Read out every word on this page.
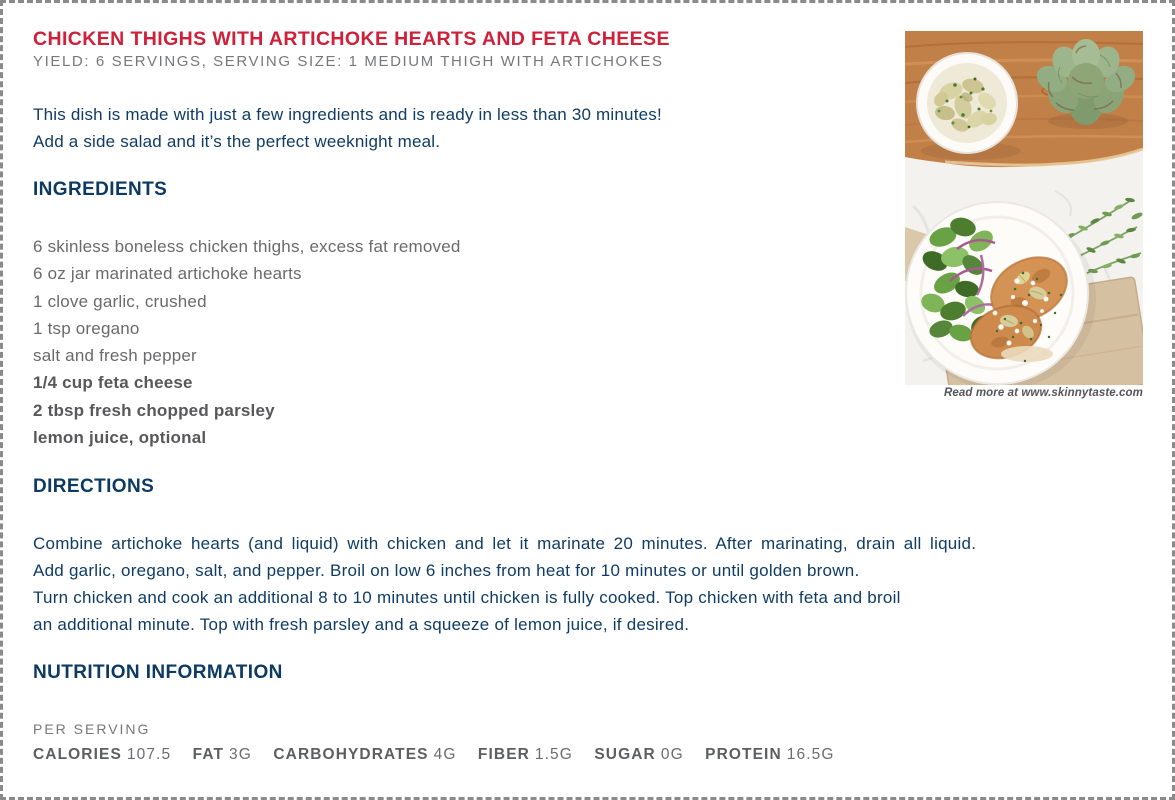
CHICKEN THIGHS WITH ARTICHOKE HEARTS AND FETA CHEESE
YIELD: 6 SERVINGS, SERVING SIZE: 1 MEDIUM THIGH WITH ARTICHOKES
This dish is made with just a few ingredients and is ready in less than 30 minutes!
Add a side salad and it’s the perfect weeknight meal.
INGREDIENTS
6 skinless boneless chicken thighs, excess fat removed
6 oz jar marinated artichoke hearts
1 clove garlic, crushed
1 tsp oregano
salt and fresh pepper
1/4 cup feta cheese
2 tbsp fresh chopped parsley
lemon juice, optional
DIRECTIONS
Combine artichoke hearts (and liquid) with chicken and let it marinate 20 minutes. After marinating, drain all liquid.
Add garlic, oregano, salt, and pepper. Broil on low 6 inches from heat for 10 minutes or until golden brown.
Turn chicken and cook an additional 8 to 10 minutes until chicken is fully cooked. Top chicken with feta and broil
an additional minute. Top with fresh parsley and a squeeze of lemon juice, if desired.
NUTRITION INFORMATION
PER SERVING
CALORIES 107.5 FAT 3G CARBOHYDRATES 4G FIBER 1.5G SUGAR 0G PROTEIN 16.5G
Read more at www.skinnytaste.com
